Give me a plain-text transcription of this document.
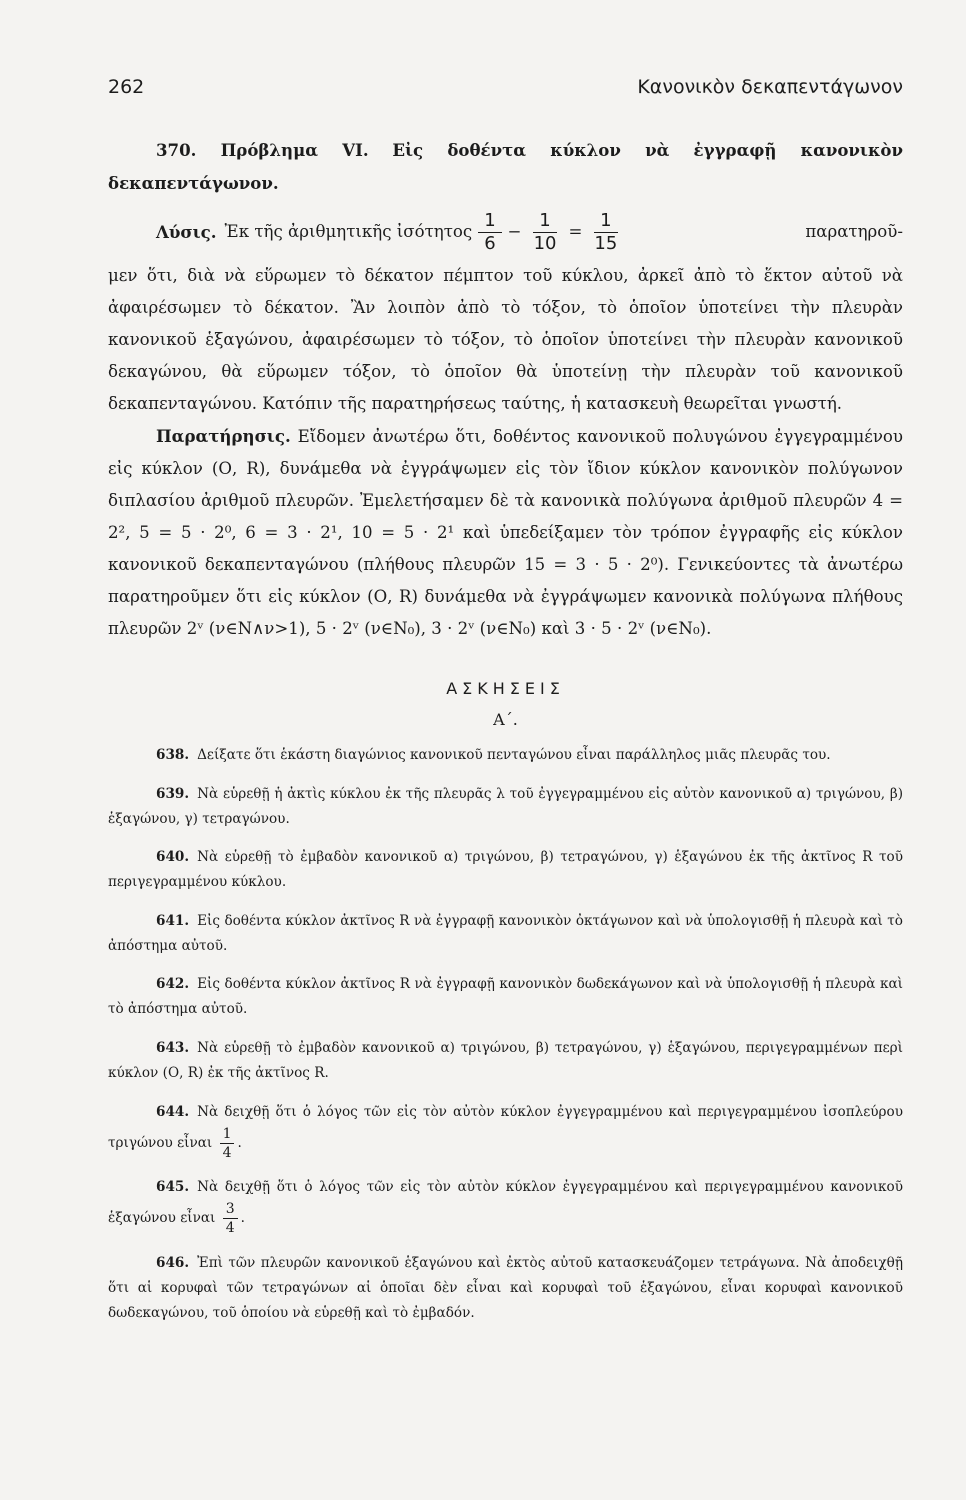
262	Κανονικὸν δεκαπεντάγωνον

370. Πρόβλημα VI. Εἰς δοθέντα κύκλον νὰ ἐγγραφῇ κανονικὸν δεκαπεντάγωνον.

Λύσις. Ἐκ τῆς ἀριθμητικῆς ἰσότητος $\frac{1}{6} - \frac{1}{10} = \frac{1}{15}$	παρατηροῦ-

μεν ὅτι, διὰ νὰ εὕρωμεν τὸ δέκατον πέμπτον τοῦ κύκλου, ἀρκεῖ ἀπὸ τὸ ἕκτον αὐτοῦ νὰ ἀφαιρέσωμεν τὸ δέκατον. Ἂν λοιπὸν ἀπὸ τὸ τόξον, τὸ ὁποῖον ὑποτείνει τὴν πλευρὰν κανονικοῦ ἑξαγώνου, ἀφαιρέσωμεν τὸ τόξον, τὸ ὁποῖον ὑποτείνει τὴν πλευρὰν κανονικοῦ δεκαγώνου, θὰ εὕρωμεν τόξον, τὸ ὁποῖον θὰ ὑποτείνῃ τὴν πλευρὰν τοῦ κανονικοῦ δεκαπενταγώνου. Κατόπιν τῆς παρατηρήσεως ταύτης, ἡ κατασκευὴ θεωρεῖται γνωστή.

Παρατήρησις. Εἴδομεν ἀνωτέρω ὅτι, δοθέντος κανονικοῦ πολυγώνου ἐγγεγραμμένου εἰς κύκλον (Ο, R), δυνάμεθα νὰ ἐγγράψωμεν εἰς τὸν ἴδιον κύκλον κανονικὸν πολύγωνον διπλασίου ἀριθμοῦ πλευρῶν. Ἐμελετήσαμεν δὲ τὰ κανονικὰ πολύγωνα ἀριθμοῦ πλευρῶν 4 = 2², 5 = 5 · 2⁰, 6 = 3 · 2¹, 10 = 5 · 2¹ καὶ ὑπεδείξαμεν τὸν τρόπον ἐγγραφῆς εἰς κύκλον κανονικοῦ δεκαπενταγώνου (πλήθους πλευρῶν 15 = 3 · 5 · 2⁰). Γενικεύοντες τὰ ἀνωτέρω παρατηροῦμεν ὅτι εἰς κύκλον (Ο, R) δυνάμεθα νὰ ἐγγράψωμεν κανονικὰ πολύγωνα πλήθους πλευρῶν 2ᵛ (ν∈Ν∧ν>1), 5 · 2ᵛ (ν∈Ν₀), 3 · 2ᵛ (ν∈Ν₀) καὶ 3 · 5 · 2ᵛ (ν∈Ν₀).

ΑΣΚΗΣΕΙΣ
Α΄.

638. Δείξατε ὅτι ἑκάστη διαγώνιος κανονικοῦ πενταγώνου εἶναι παράλληλος μιᾶς πλευρᾶς του.

639. Νὰ εὑρεθῇ ἡ ἀκτὶς κύκλου ἐκ τῆς πλευρᾶς λ τοῦ ἐγγεγραμμένου εἰς αὐτὸν κανονικοῦ α) τριγώνου, β) ἑξαγώνου, γ) τετραγώνου.

640. Νὰ εὑρεθῇ τὸ ἐμβαδὸν κανονικοῦ α) τριγώνου, β) τετραγώνου, γ) ἑξαγώνου ἐκ τῆς ἀκτῖνος R τοῦ περιγεγραμμένου κύκλου.

641. Εἰς δοθέντα κύκλον ἀκτῖνος R νὰ ἐγγραφῇ κανονικὸν ὀκτάγωνον καὶ νὰ ὑπολογισθῇ ἡ πλευρὰ καὶ τὸ ἀπόστημα αὐτοῦ.

642. Εἰς δοθέντα κύκλον ἀκτῖνος R νὰ ἐγγραφῇ κανονικὸν δωδεκάγωνον καὶ νὰ ὑπολογισθῇ ἡ πλευρὰ καὶ τὸ ἀπόστημα αὐτοῦ.

643. Νὰ εὑρεθῇ τὸ ἐμβαδὸν κανονικοῦ α) τριγώνου, β) τετραγώνου, γ) ἑξαγώνου, περιγεγραμμένων περὶ κύκλον (Ο, R) ἐκ τῆς ἀκτῖνος R.

644. Νὰ δειχθῇ ὅτι ὁ λόγος τῶν εἰς τὸν αὐτὸν κύκλον ἐγγεγραμμένου καὶ περιγεγραμμένου ἰσοπλεύρου τριγώνου εἶναι $\frac{1}{4}$ .

645. Νὰ δειχθῇ ὅτι ὁ λόγος τῶν εἰς τὸν αὐτὸν κύκλον ἐγγεγραμμένου καὶ περιγεγραμμένου κανονικοῦ ἑξαγώνου εἶναι $\frac{3}{4}$ .

646. Ἐπὶ τῶν πλευρῶν κανονικοῦ ἑξαγώνου καὶ ἐκτὸς αὐτοῦ κατασκευάζομεν τετράγωνα. Νὰ ἀποδειχθῇ ὅτι αἱ κορυφαὶ τῶν τετραγώνων αἱ ὁποῖαι δὲν εἶναι καὶ κορυφαὶ τοῦ ἑξαγώνου, εἶναι κορυφαὶ κανονικοῦ δωδεκαγώνου, τοῦ ὁποίου νὰ εὑρεθῇ καὶ τὸ ἐμβαδόν.
